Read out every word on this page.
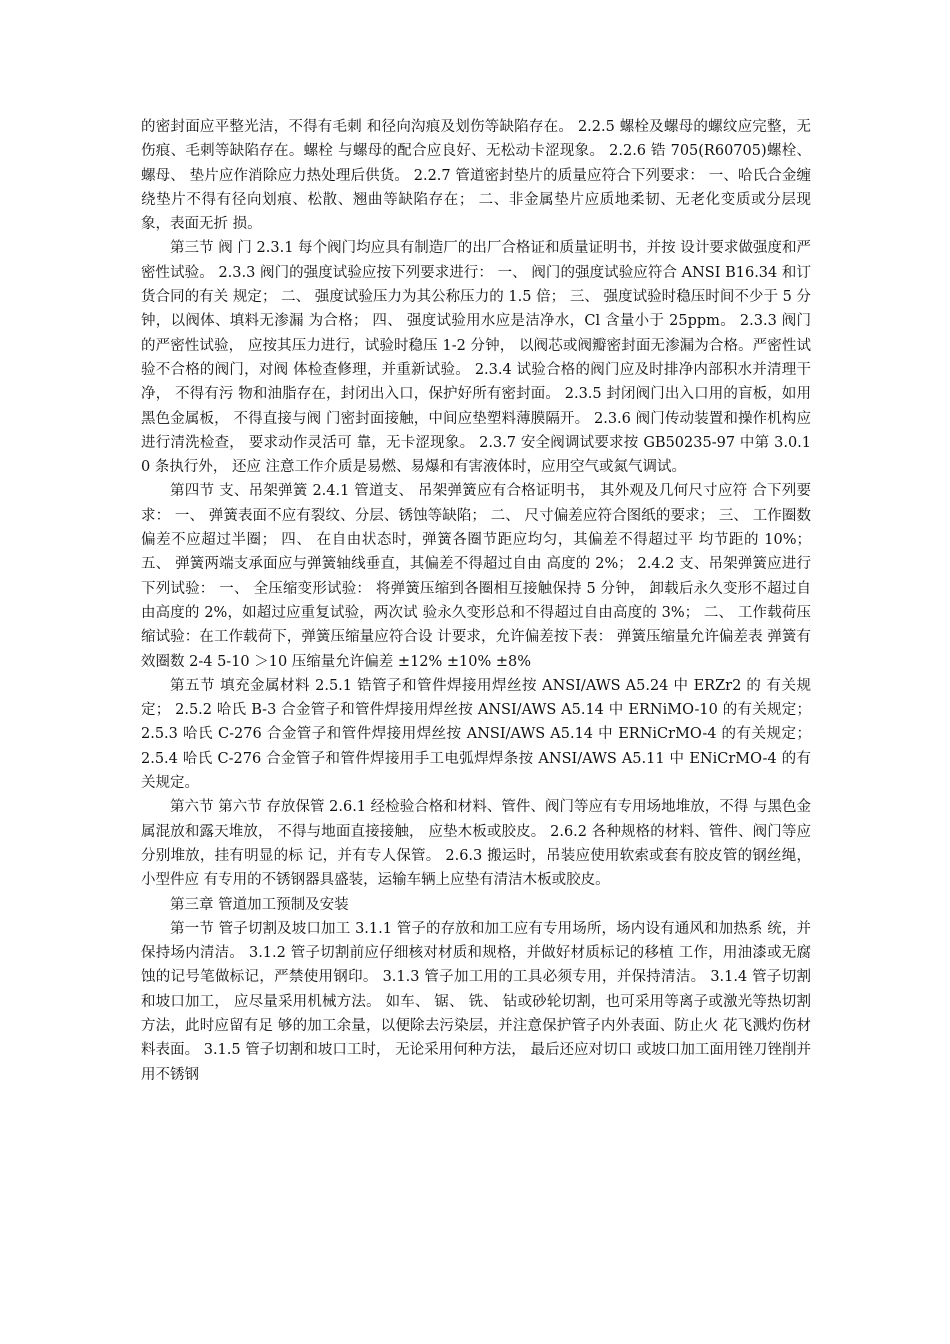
的密封面应平整光洁，不得有毛刺 和径向沟痕及划伤等缺陷存在。 2.2.5 螺栓及螺母的螺纹应完整，无伤痕、毛刺等缺陷存在。螺栓 与螺母的配合应良好、无松动卡涩现象。 2.2.6 锆 705(R60705)螺栓、 螺母、 垫片应作消除应力热处理后供货。 2.2.7 管道密封垫片的质量应符合下列要求： 一、哈氏合金缠绕垫片不得有径向划痕、松散、翘曲等缺陷存在； 二、非金属垫片应质地柔韧、无老化变质或分层现象，表面无折 损。

第三节 阀 门 2.3.1 每个阀门均应具有制造厂的出厂合格证和质量证明书，并按 设计要求做强度和严密性试验。 2.3.3 阀门的强度试验应按下列要求进行： 一、 阀门的强度试验应符合 ANSI B16.34 和订货合同的有关 规定； 二、 强度试验压力为其公称压力的 1.5 倍； 三、 强度试验时稳压时间不少于 5 分钟，以阀体、填料无渗漏 为合格； 四、 强度试验用水应是洁净水，Cl 含量小于 25ppm。 2.3.3 阀门的严密性试验， 应按其压力进行，试验时稳压 1-2 分钟， 以阀芯或阀瓣密封面无渗漏为合格。严密性试验不合格的阀门，对阀 体检查修理，并重新试验。 2.3.4 试验合格的阀门应及时排净内部积水并清理干净， 不得有污 物和油脂存在，封闭出入口，保护好所有密封面。 2.3.5 封闭阀门出入口用的盲板，如用黑色金属板， 不得直接与阀 门密封面接触，中间应垫塑料薄膜隔开。 2.3.6 阀门传动装置和操作机构应进行清洗检查， 要求动作灵活可 靠，无卡涩现象。 2.3.7 安全阀调试要求按 GB50235-97 中第 3.0.10 条执行外， 还应 注意工作介质是易燃、易爆和有害液体时，应用空气或氮气调试。

第四节 支、吊架弹簧 2.4.1 管道支、 吊架弹簧应有合格证明书， 其外观及几何尺寸应符 合下列要求： 一、 弹簧表面不应有裂纹、分层、锈蚀等缺陷； 二、 尺寸偏差应符合图纸的要求； 三、 工作圈数偏差不应超过半圈； 四、 在自由状态时，弹簧各圈节距应均匀，其偏差不得超过平 均节距的 10%； 五、 弹簧两端支承面应与弹簧轴线垂直，其偏差不得超过自由 高度的 2%； 2.4.2 支、吊架弹簧应进行下列试验： 一、 全压缩变形试验： 将弹簧压缩到各圈相互接触保持 5 分钟， 卸载后永久变形不超过自由高度的 2%，如超过应重复试验，两次试 验永久变形总和不得超过自由高度的 3%； 二、 工作载荷压缩试验：在工作载荷下，弹簧压缩量应符合设 计要求，允许偏差按下表： 弹簧压缩量允许偏差表 弹簧有效圈数 2-4 5-10 ＞10 压缩量允许偏差 ±12% ±10% ±8%

第五节 填充金属材料 2.5.1 锆管子和管件焊接用焊丝按 ANSI/AWS A5.24 中 ERZr2 的 有关规定； 2.5.2 哈氏 B-3 合金管子和管件焊接用焊丝按 ANSI/AWS A5.14 中 ERNiMO-10 的有关规定； 2.5.3 哈氏 C-276 合金管子和管件焊接用焊丝按 ANSI/AWS A5.14 中 ERNiCrMO-4 的有关规定； 2.5.4 哈氏 C-276 合金管子和管件焊接用手工电弧焊焊条按 ANSI/AWS A5.11 中 ENiCrMO-4 的有关规定。

第六节 第六节 存放保管 2.6.1 经检验合格和材料、管件、阀门等应有专用场地堆放，不得 与黑色金属混放和露天堆放， 不得与地面直接接触， 应垫木板或胶皮。 2.6.2 各种规格的材料、管件、阀门等应分别堆放，挂有明显的标 记，并有专人保管。 2.6.3 搬运时，吊装应使用软索或套有胶皮管的钢丝绳， 小型件应 有专用的不锈钢器具盛装，运输车辆上应垫有清洁木板或胶皮。

第三章 管道加工预制及安装

第一节 管子切割及坡口加工 3.1.1 管子的存放和加工应有专用场所，场内设有通风和加热系 统，并保持场内清洁。 3.1.2 管子切割前应仔细核对材质和规格，并做好材质标记的移植 工作，用油漆或无腐蚀的记号笔做标记，严禁使用钢印。 3.1.3 管子加工用的工具必须专用，并保持清洁。 3.1.4 管子切割和坡口加工， 应尽量采用机械方法。 如车、 锯、 铣、 钻或砂轮切割，也可采用等离子或激光等热切割方法，此时应留有足 够的加工余量，以便除去污染层，并注意保护管子内外表面、防止火 花飞溅灼伤材料表面。 3.1.5 管子切割和坡口工时， 无论采用何种方法， 最后还应对切口 或坡口加工面用锉刀锉削并用不锈钢
